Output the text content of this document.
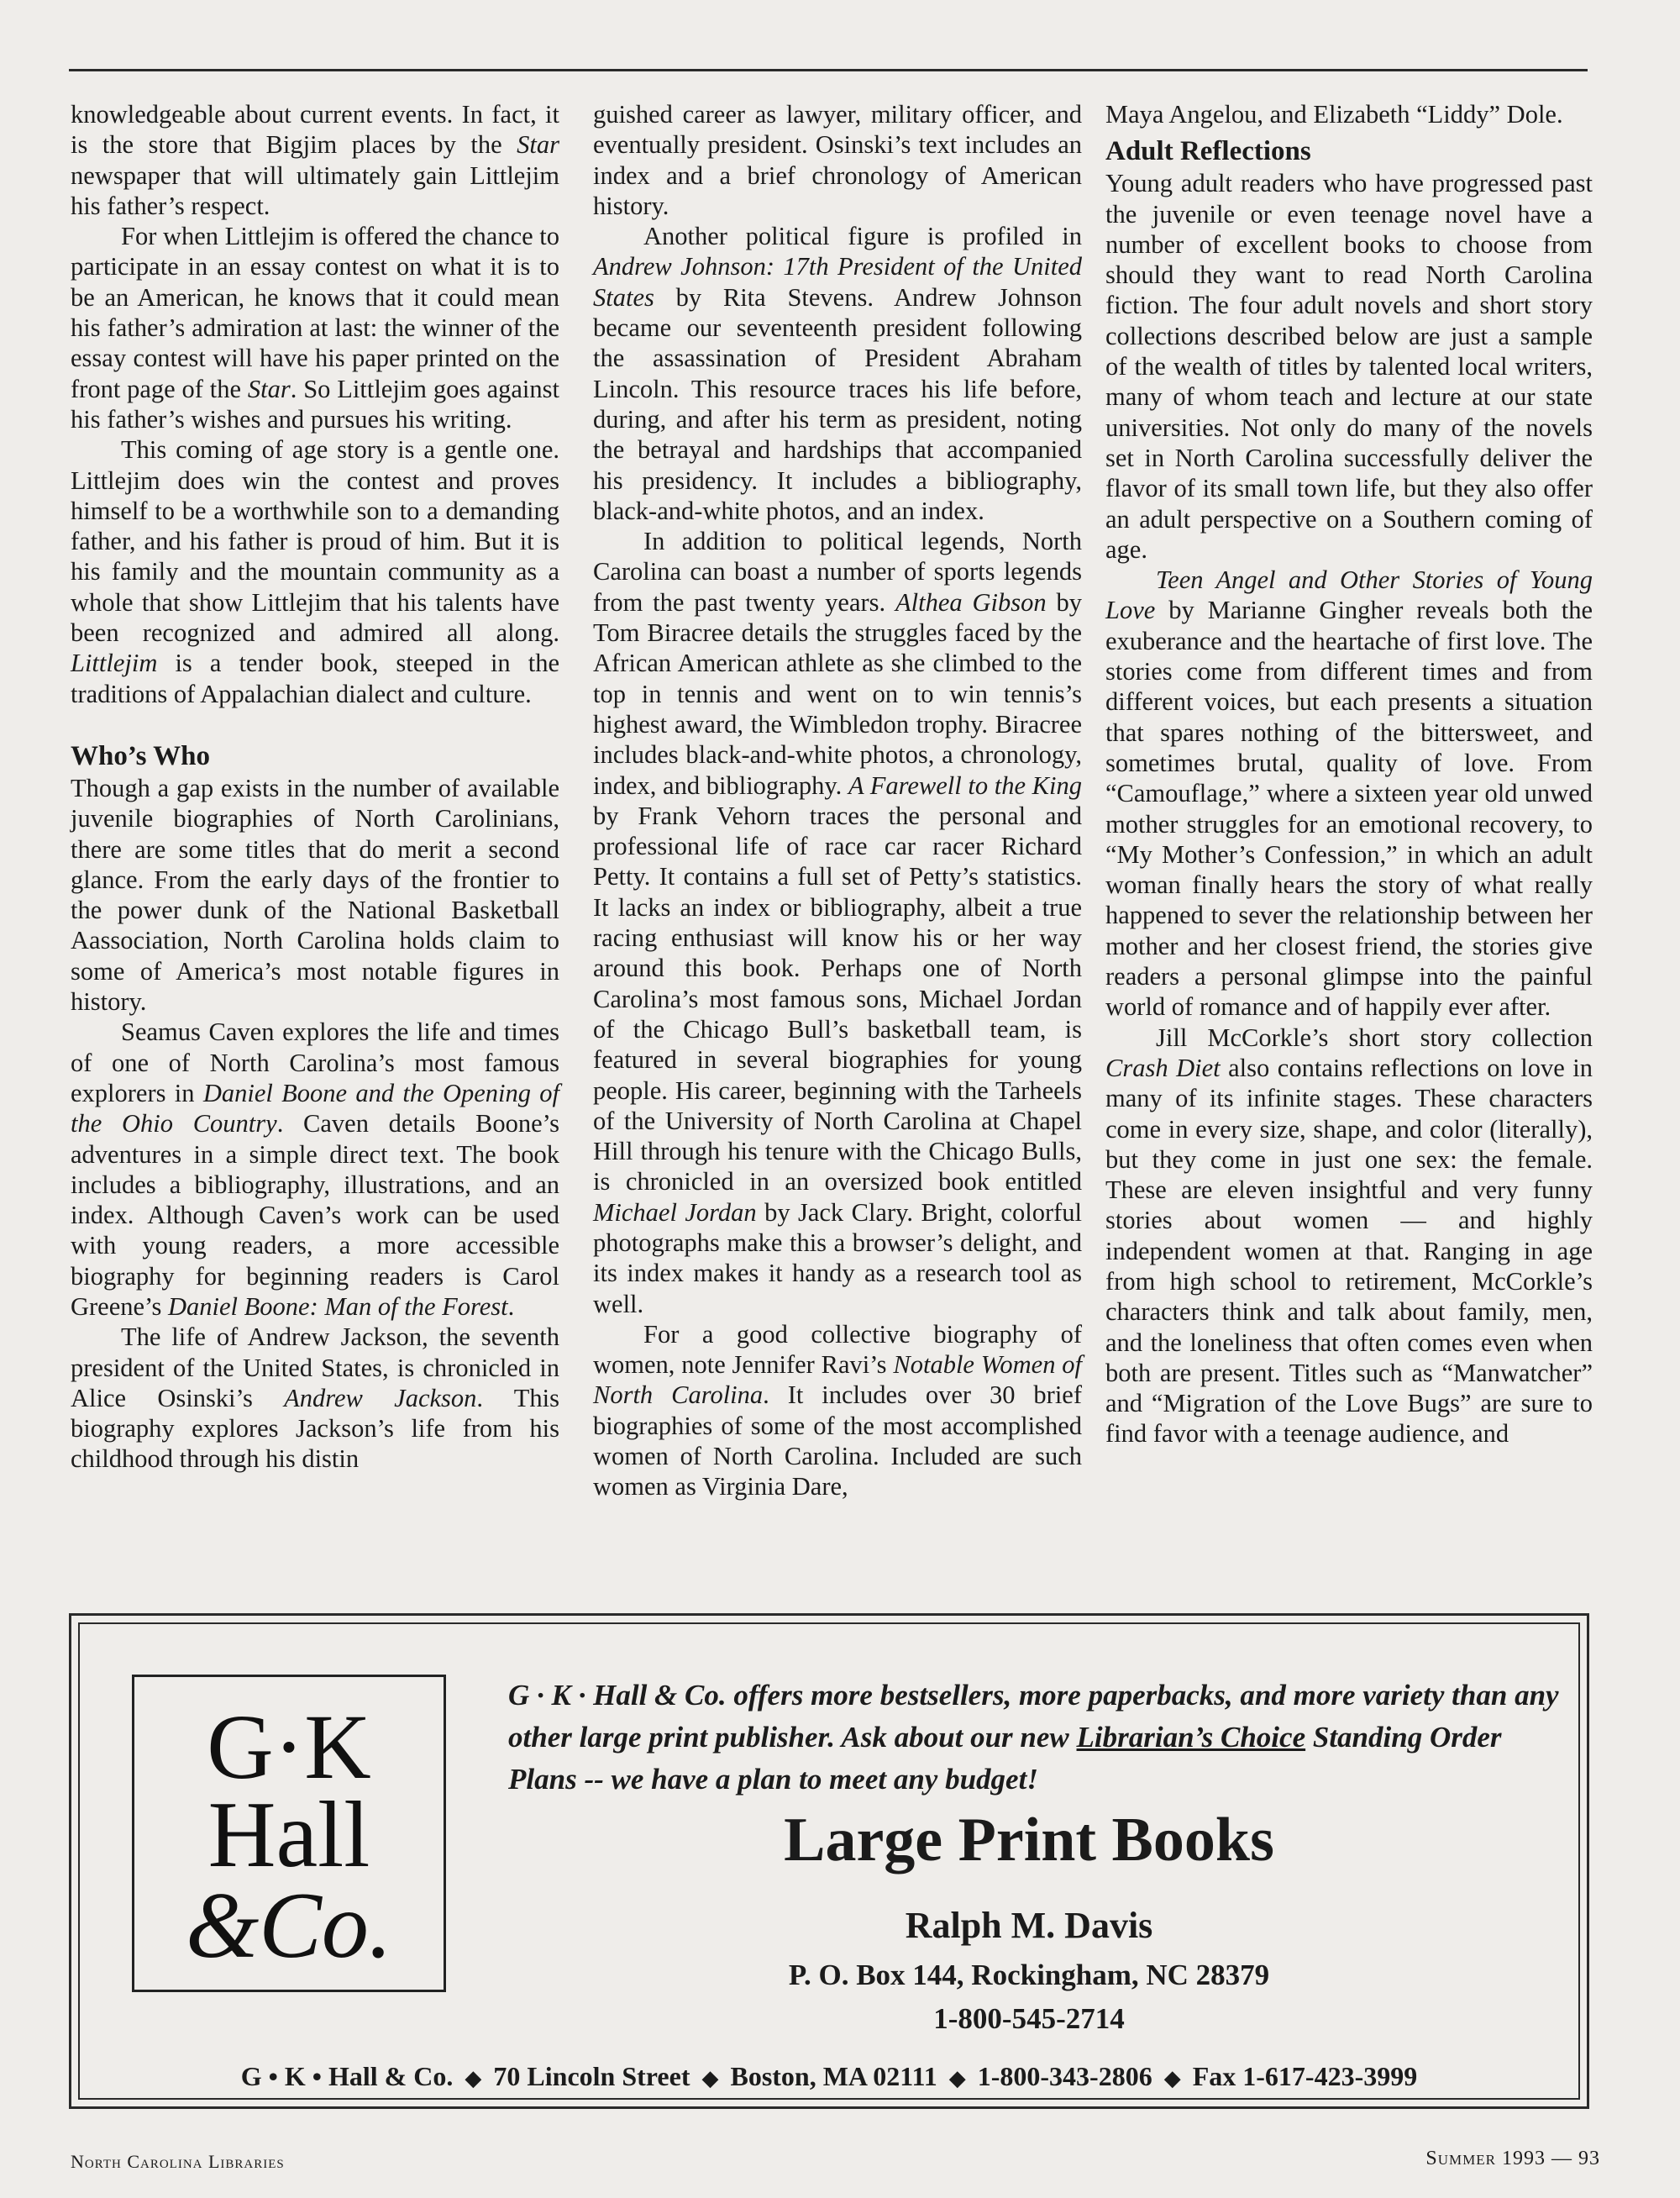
knowledgeable about current events. In fact, it is the store that Bigjim places by the Star newspaper that will ultimately gain Littlejim his father’s respect.

For when Littlejim is offered the chance to participate in an essay contest on what it is to be an American, he knows that it could mean his father’s admiration at last: the winner of the essay contest will have his paper printed on the front page of the Star. So Littlejim goes against his father’s wishes and pursues his writing.

This coming of age story is a gentle one. Littlejim does win the contest and proves himself to be a worthwhile son to a demanding father, and his father is proud of him. But it is his family and the mountain community as a whole that show Littlejim that his talents have been recognized and admired all along. Littlejim is a tender book, steeped in the traditions of Appalachian dialect and culture.

Who’s Who

Though a gap exists in the number of available juvenile biographies of North Carolinians, there are some titles that do merit a second glance. From the early days of the frontier to the power dunk of the National Basketball Aassociation, North Carolina holds claim to some of America’s most notable figures in history.

Seamus Caven explores the life and times of one of North Carolina’s most famous explorers in Daniel Boone and the Opening of the Ohio Country. Caven details Boone’s adventures in a simple direct text. The book includes a bibliography, illustrations, and an index. Although Caven’s work can be used with young readers, a more accessible biography for beginning readers is Carol Greene’s Daniel Boone: Man of the Forest.

The life of Andrew Jackson, the seventh president of the United States, is chronicled in Alice Osinski’s Andrew Jackson. This biography explores Jackson’s life from his childhood through his distin

guished career as lawyer, military officer, and eventually president. Osinski’s text includes an index and a brief chronology of American history.

Another political figure is profiled in Andrew Johnson: 17th President of the United States by Rita Stevens. Andrew Johnson became our seventeenth president following the assassination of President Abraham Lincoln. This resource traces his life before, during, and after his term as president, noting the betrayal and hardships that accompanied his presidency. It includes a bibliography, black-and-white photos, and an index.

In addition to political legends, North Carolina can boast a number of sports legends from the past twenty years. Althea Gibson by Tom Biracree details the struggles faced by the African American athlete as she climbed to the top in tennis and went on to win tennis’s highest award, the Wimbledon trophy. Biracree includes black-and-white photos, a chronology, index, and bibliography. A Farewell to the King by Frank Vehorn traces the personal and professional life of race car racer Richard Petty. It contains a full set of Petty’s statistics. It lacks an index or bibliography, albeit a true racing enthusiast will know his or her way around this book. Perhaps one of North Carolina’s most famous sons, Michael Jordan of the Chicago Bull’s basketball team, is featured in several biographies for young people. His career, beginning with the Tarheels of the University of North Carolina at Chapel Hill through his tenure with the Chicago Bulls, is chronicled in an oversized book entitled Michael Jordan by Jack Clary. Bright, colorful photographs make this a browser’s delight, and its index makes it handy as a research tool as well.

For a good collective biography of women, note Jennifer Ravi’s Notable Women of North Carolina. It includes over 30 brief biographies of some of the most accomplished women of North Carolina. Included are such women as Virginia Dare,

Maya Angelou, and Elizabeth “Liddy” Dole.

Adult Reflections

Young adult readers who have progressed past the juvenile or even teenage novel have a number of excellent books to choose from should they want to read North Carolina fiction. The four adult novels and short story collections described below are just a sample of the wealth of titles by talented local writers, many of whom teach and lecture at our state universities. Not only do many of the novels set in North Carolina successfully deliver the flavor of its small town life, but they also offer an adult perspective on a Southern coming of age.

Teen Angel and Other Stories of Young Love by Marianne Gingher reveals both the exuberance and the heartache of first love. The stories come from different times and from different voices, but each presents a situation that spares nothing of the bittersweet, and sometimes brutal, quality of love. From “Camouflage,” where a sixteen year old unwed mother struggles for an emotional recovery, to “My Mother’s Confession,” in which an adult woman finally hears the story of what really happened to sever the relationship between her mother and her closest friend, the stories give readers a personal glimpse into the painful world of romance and of happily ever after.

Jill McCorkle’s short story collection Crash Diet also contains reflections on love in many of its infinite stages. These characters come in every size, shape, and color (literally), but they come in just one sex: the female. These are eleven insightful and very funny stories about women — and highly independent women at that. Ranging in age from high school to retirement, McCorkle’s characters think and talk about family, men, and the loneliness that often comes even when both are present. Titles such as “Manwatcher” and “Migration of the Love Bugs” are sure to find favor with a teenage audience, and

G·K
Hall
&Co.
G · K · Hall & Co. offers more bestsellers, more paperbacks, and more variety than any other large print publisher. Ask about our new Librarian’s Choice Standing Order Plans -- we have a plan to meet any budget!
Large Print Books
Ralph M. Davis
P. O. Box 144, Rockingham, NC 28379
1-800-545-2714
G • K • Hall & Co. ◆ 70 Lincoln Street ◆ Boston, MA 02111 ◆ 1-800-343-2806 ◆ Fax 1-617-423-3999
North Carolina Libraries	Summer 1993 — 93
